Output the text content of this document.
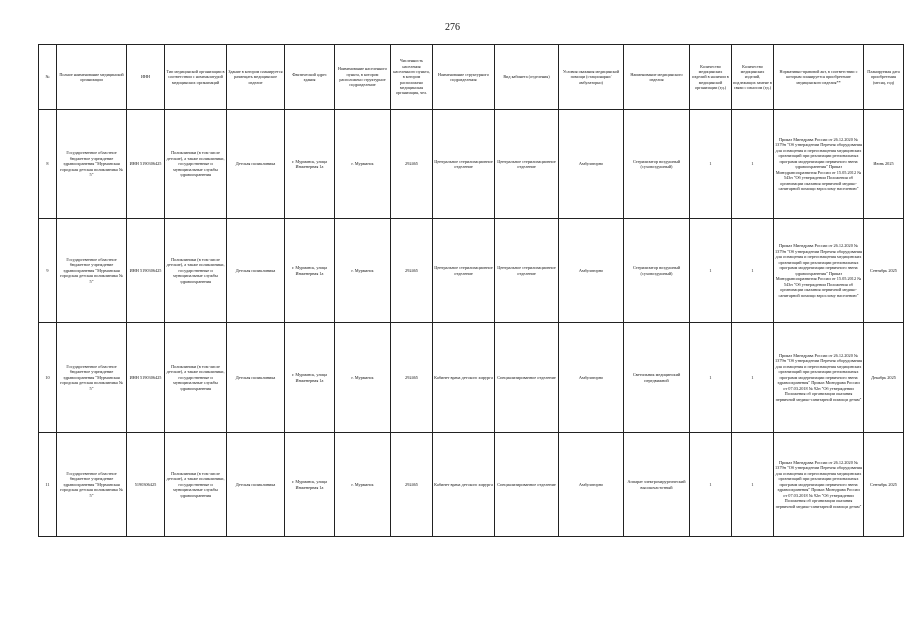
276
№	Полное наименование медицинской организации	ИНН	Тип медицинской организации в соответствии с номенклатурой медицинских организаций	Здание в котором планируется размещать медицинское изделие	Фактический адрес здания	Наименование населенного пункта, в котором расположено структурное подразделение	Численность населения населенного пункта, в котором расположено медицинская организация, чел.	Наименование структурного подразделения	Вид кабинета (отделения)	Условия оказания медицинской помощи (стационарно/ амбулаторно)	Наименование медицинского изделия	Количество медицинских изделий в наличии в медицинской организации (ед.)	Количество медицинских изделий, подлежащих замене в связи с износом (ед.)	Нормативно-правовой акт, в соответствии с которым планируется приобретение медицинского изделия**	Планируемая дата приобретения (месяц, год)
8	Государственное областное бюджетное учреждение здравоохранения "Мурманская городская детская поликлиника № 5"	ИНН 5190306425	Поликлиники (в том числе детские), а также поликлиники, государственные и муниципальные службы здравоохранения	Детская поликлиника	г. Мурманск, улица Инженерная 1а	г. Мурманск	292465	Центральное стерилизационное отделение	Центральное стерилизационное отделение	Амбулаторно	Стерилизатор воздушный (суховоздушный)	1	1	Приказ Минздрава России от 26.12.2020 № 1379н "Об утверждении Перечня оборудования для оснащения и переоснащения медицинских организаций при реализации региональных программ модернизации первичного звена здравоохранения" Приказ Минздравсоцразвития России от 15.05.2012 № 543н "Об утверждении Положения об организации оказания первичной медико-санитарной помощи взрослому населению"	Июнь 2025
9	Государственное областное бюджетное учреждение здравоохранения "Мурманская городская детская поликлиника № 5"	ИНН 5190306425	Поликлиники (в том числе детские), а также поликлиники, государственные и муниципальные службы здравоохранения	Детская поликлиника	г. Мурманск, улица Инженерная 1а	г. Мурманск	292465	Центральное стерилизационное отделение	Центральное стерилизационное отделение	Амбулаторно	Стерилизатор воздушный (суховоздушный)	1	1	Приказ Минздрава России от 26.12.2020 № 1379н "Об утверждении Перечня оборудования для оснащения и переоснащения медицинских организаций при реализации региональных программ модернизации первичного звена здравоохранения" Приказ Минздравсоцразвития России от 15.05.2012 № 543н "Об утверждении Положения об организации оказания первичной медико-санитарной помощи взрослому населению"	Сентябрь 2025
10	Государственное областное бюджетное учреждение здравоохранения "Мурманская городская детская поликлиника № 5"	ИНН 5190306425	Поликлиники (в том числе детские), а также поликлиники, государственные и муниципальные службы здравоохранения	Детская поликлиника	г. Мурманск, улица Инженерная 1а	г. Мурманск	292465	Кабинет врача детского хирурга	Специализированное отделение	Амбулаторно	Светильник медицинский передвижной	1	1	Приказ Минздрава России от 26.12.2020 № 1379н "Об утверждении Перечня оборудования для оснащения и переоснащения медицинских организаций при реализации региональных программ модернизации первичного звена здравоохранения" Приказ Минздрава России от 07.03.2018 № 92н "Об утверждении Положения об организации оказания первичной медико-санитарной помощи детям"	Декабрь 2025
11	Государственное областное бюджетное учреждение здравоохранения "Мурманская городская детская поликлиника № 5"	5190306425	Поликлиники (в том числе детские), а также поликлиники, государственные и муниципальные службы здравоохранения	Детская поликлиника	г. Мурманск, улица Инженерная 1а	г. Мурманск	292465	Кабинет врача детского хирурга	Специализированное отделение	Амбулаторно	Аппарат электрохирургический высокочастотный	1	1	Приказ Минздрава России от 26.12.2020 № 1379н "Об утверждении Перечня оборудования для оснащения и переоснащения медицинских организаций при реализации региональных программ модернизации первичного звена здравоохранения" Приказ Минздрава России от 07.03.2018 № 92н "Об утверждении Положения об организации оказания первичной медико-санитарной помощи детям"	Сентябрь 2025
